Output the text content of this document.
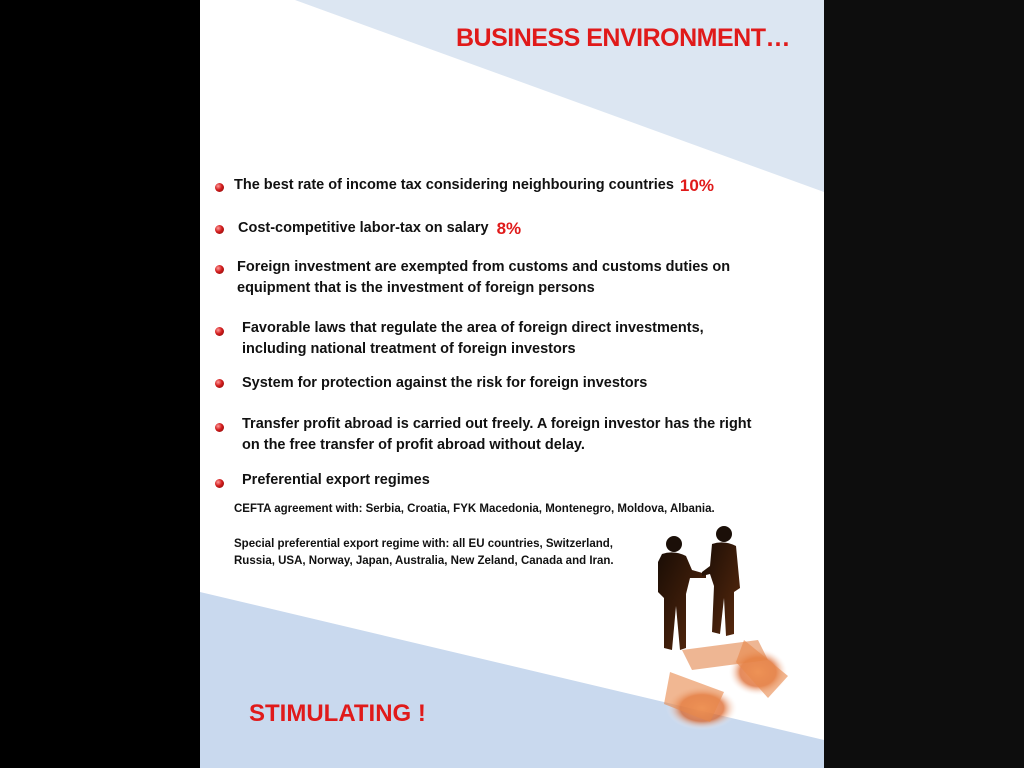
BUSINESS ENVIRONMENT…
The best rate of income tax considering neighbouring countries 10%
Cost-competitive labor-tax on salary 8%
Foreign investment are exempted from customs and customs duties on
equipment that is the investment of foreign persons
Favorable laws that regulate the area of foreign direct investments,
including national treatment of foreign investors
System for protection against the risk for foreign investors
Transfer profit abroad is carried out freely. A foreign investor has the right
on the free transfer of profit abroad without delay.
Preferential export regimes
CEFTA agreement with: Serbia, Croatia, FYK Macedonia, Montenegro, Moldova, Albania.
Special preferential export regime with: all EU countries, Switzerland,
Russia, USA, Norway, Japan, Australia, New Zeland, Canada and Iran.
STIMULATING !
